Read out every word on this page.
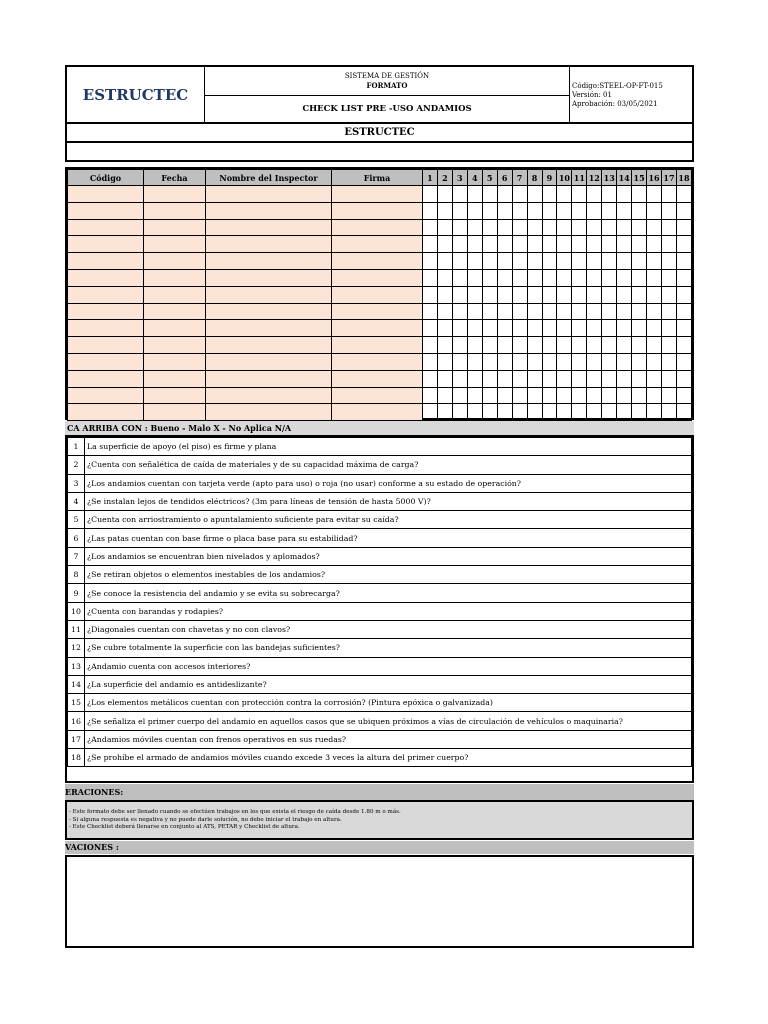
ESTRUCTEC
SISTEMA DE GESTIÓN
FORMATO
CHECK LIST PRE -USO ANDAMIOS
Código:STEEL-OP-FT-015
Versión: 01
Aprobación: 03/05/2021
ESTRUCTEC
Código	Fecha	Nombre del Inspector	Firma	1	2	3	4	5	6	7	8	9	10	11	12	13	14	15	16	17	18

CA ARRIBA CON : Bueno - Malo X - No Aplica N/A
1	La superficie de apoyo (el piso) es firme y plana
2	¿Cuenta con señalética de caída de materiales y de su capacidad máxima de carga?
3	¿Los andamios cuentan con tarjeta verde (apto para uso) o roja (no usar) conforme a su estado de operación?
4	¿Se instalan lejos de tendidos eléctricos? (3m para líneas de tensión de hasta 5000 V)?
5	¿Cuenta con arriostramiento o apuntalamiento suficiente para evitar su caída?
6	¿Las patas cuentan con base firme o placa base para su estabilidad?
7	¿Los andamios se encuentran bien nivelados y aplomados?
8	¿Se retiran objetos o elementos inestables de los andamios?
9	¿Se conoce la resistencia del andamio y se evita su sobrecarga?
10	¿Cuenta con barandas y rodapies?
11	¿Diagonales cuentan con chavetas y no con clavos?
12	¿Se cubre totalmente la superficie con las bandejas suficientes?
13	¿Andamio cuenta con accesos interiores?
14	¿La superficie del andamio es antideslizante?
15	¿Los elementos metálicos cuentan con protección contra la corrosión? (Pintura epóxica o galvanizada)
16	¿Se señaliza el primer cuerpo del andamio en aquellos casos que se ubiquen próximos a vías de circulación de vehículos o maquinaria?
17	¿Andamios móviles cuentan con frenos operativos en sus ruedas?
18	¿Se prohíbe el armado de andamios móviles cuando excede 3 veces la altura del primer cuerpo?
ERACIONES:
- Este formato debe ser llenado cuando se efectúen trabajos en los que exista el riesgo de caída desde 1.80 m o más.
- Si alguna respuesta es negativa y no puede darle solución, no debe iniciar el trabajo en altura.
- Este Checklist deberá llenarse en conjunto al ATS, PETAR y Checklist de altura.
VACIONES :
